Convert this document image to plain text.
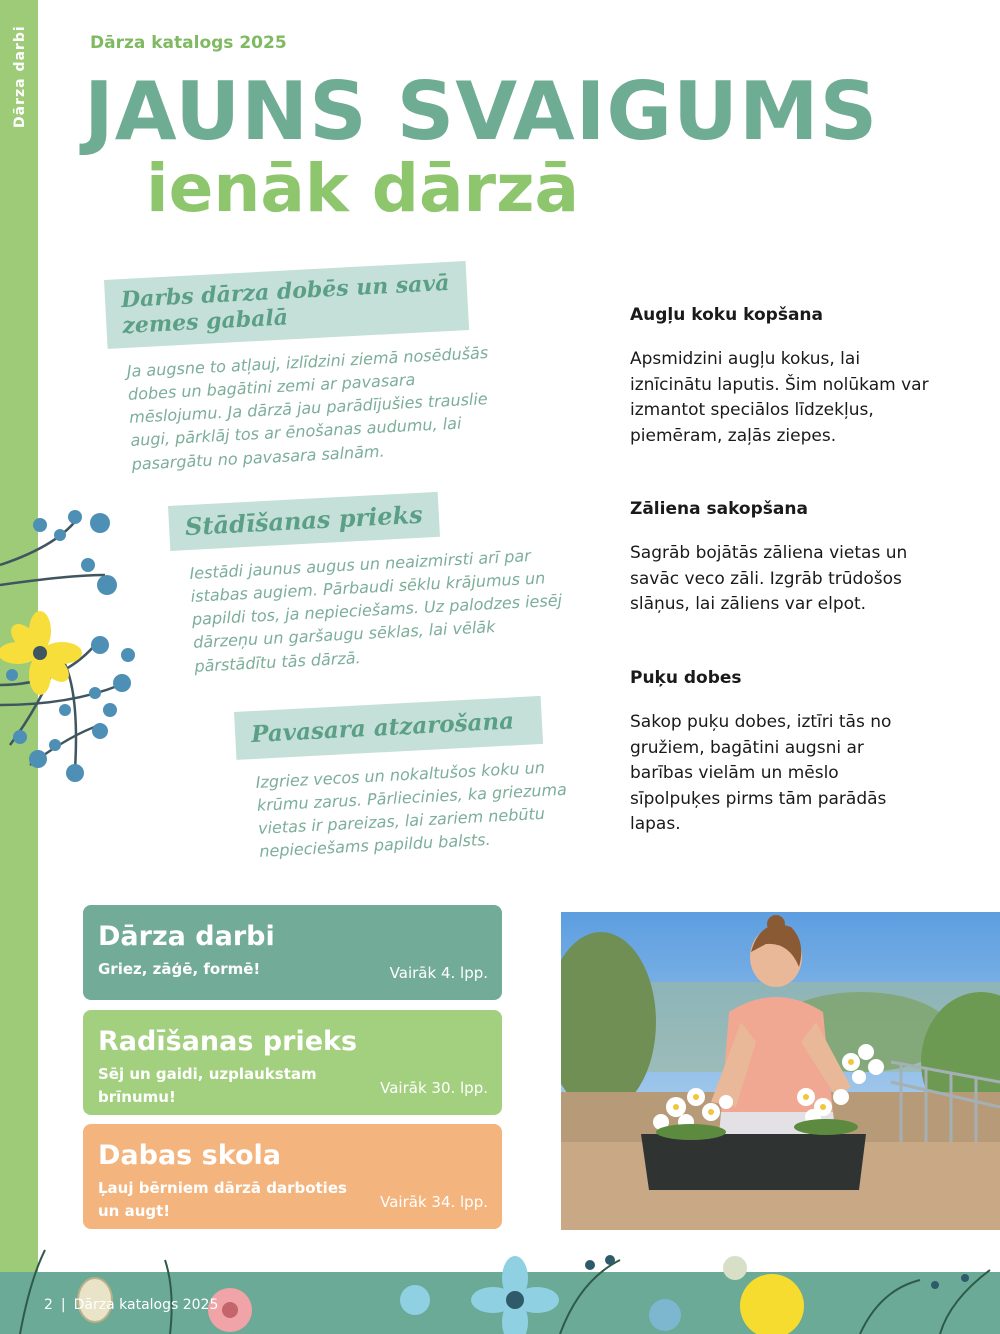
Dārza darbi	Dārza katalogs 2025
JAUNS SVAIGUMS
ienāk dārzā
Darbs dārza dobēs un savā zemes gabalā
Ja augsne to atļauj, izlīdzini ziemā nosēdušās dobes un bagātini zemi ar pavasara mēslojumu. Ja dārzā jau parādījušies trauslie augi, pārklāj tos ar ēnošanas audumu, lai pasargātu no pavasara salnām.
Stādīšanas prieks
Iestādi jaunus augus un neaizmirsti arī par istabas augiem. Pārbaudi sēklu krājumus un papildi tos, ja nepieciešams. Uz palodzes iesēj dārzeņu un garšaugu sēklas, lai vēlāk pārstādītu tās dārzā.
Pavasara atzarošana
Izgriez vecos un nokaltušos koku un krūmu zarus. Pārliecinies, ka griezuma vietas ir pareizas, lai zariem nebūtu nepieciešams papildu balsts.
Augļu koku kopšana

Apsmidzini augļu kokus, lai iznīcinātu laputis. Šim nolūkam var izmantot speciālos līdzekļus, piemēram, zaļās ziepes.

Zāliena sakopšana

Sagrāb bojātās zāliena vietas un savāc veco zāli. Izgrāb trūdošos slāņus, lai zāliens var elpot.

Puķu dobes

Sakop puķu dobes, iztīri tās no gružiem, bagātini augsni ar barības vielām un mēslo sīpolpuķes pirms tām parādās lapas.

Dārza darbi
Griez, zāģē, formē!	Vairāk 4. lpp.
Radīšanas prieks
Sēj un gaidi, uzplaukstam brīnumu!
Vairāk 30. lpp.
Dabas skola
Ļauj bērniem dārzā darboties un augt!
Vairāk 34. lpp.
2 | Dārza katalogs 2025
